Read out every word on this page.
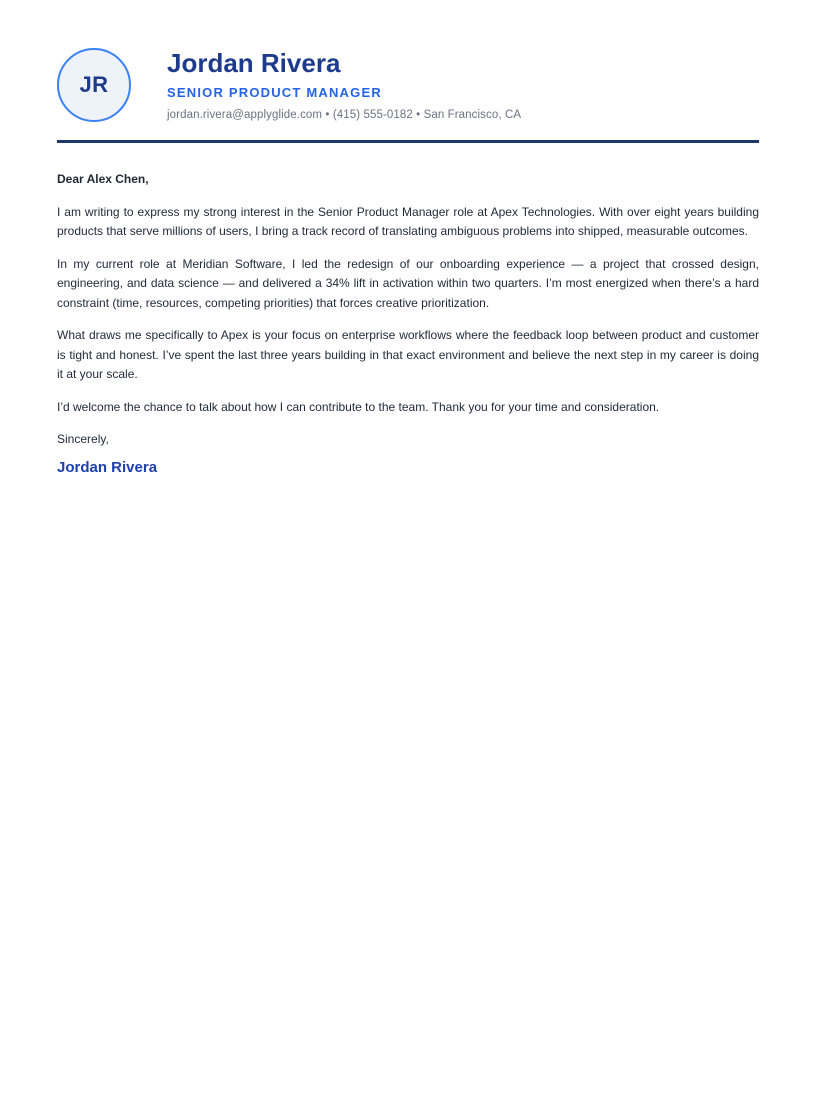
JR
Jordan Rivera
SENIOR PRODUCT MANAGER
jordan.rivera@applyglide.com • (415) 555-0182 • San Francisco, CA

Dear Alex Chen,

I am writing to express my strong interest in the Senior Product Manager role at Apex Technologies. With over eight years building products that serve millions of users, I bring a track record of translating ambiguous problems into shipped, measurable outcomes.

In my current role at Meridian Software, I led the redesign of our onboarding experience — a project that crossed design, engineering, and data science — and delivered a 34% lift in activation within two quarters. I’m most energized when there’s a hard constraint (time, resources, competing priorities) that forces creative prioritization.

What draws me specifically to Apex is your focus on enterprise workflows where the feedback loop between product and customer is tight and honest. I’ve spent the last three years building in that exact environment and believe the next step in my career is doing it at your scale.

I’d welcome the chance to talk about how I can contribute to the team. Thank you for your time and consideration.

Sincerely,

Jordan Rivera
